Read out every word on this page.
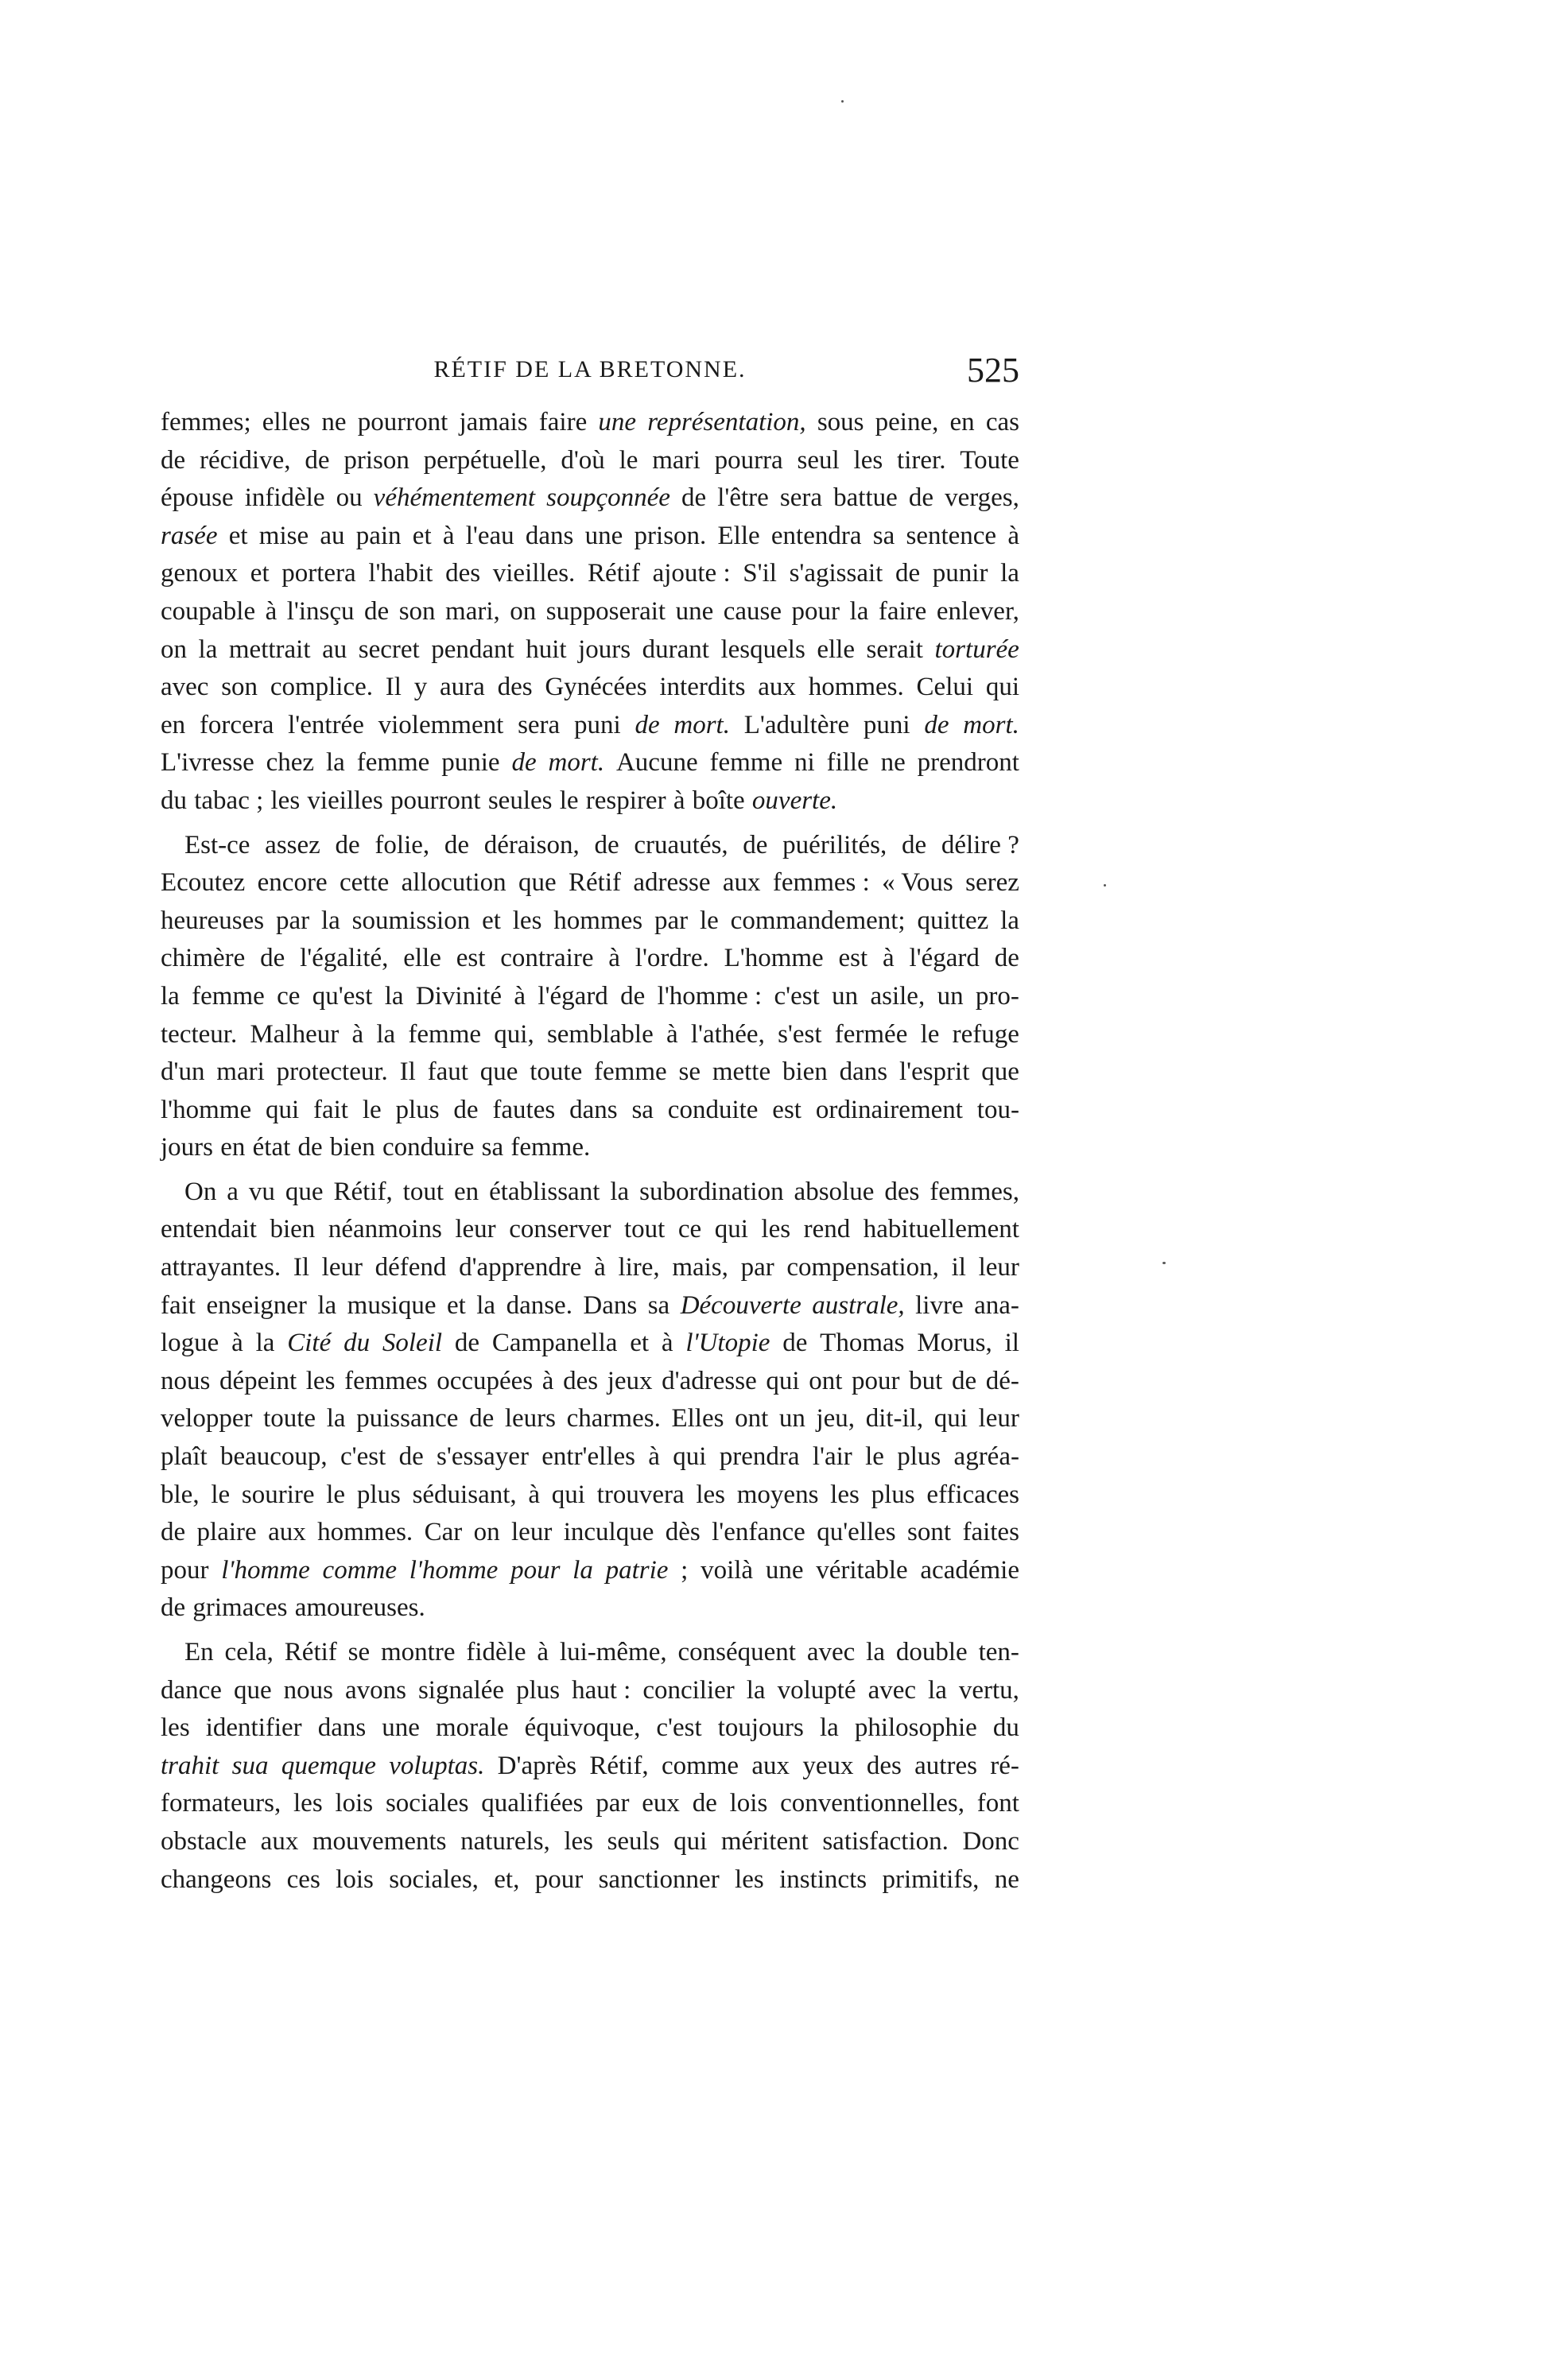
RÉTIF DE LA BRETONNE.	525
femmes; elles ne pourront jamais faire une représentation, sous peine, en cas
de récidive, de prison perpétuelle, d'où le mari pourra seul les tirer. Toute
épouse infidèle ou véhémentement soupçonnée de l'être sera battue de verges,
rasée et mise au pain et à l'eau dans une prison. Elle entendra sa sentence à
genoux et portera l'habit des vieilles. Rétif ajoute : S'il s'agissait de punir la
coupable à l'insçu de son mari, on supposerait une cause pour la faire enlever,
on la mettrait au secret pendant huit jours durant lesquels elle serait torturée
avec son complice. Il y aura des Gynécées interdits aux hommes. Celui qui
en forcera l'entrée violemment sera puni de mort. L'adultère puni de mort.
L'ivresse chez la femme punie de mort. Aucune femme ni fille ne prendront
du tabac ; les vieilles pourront seules le respirer à boîte ouverte.
Est-ce assez de folie, de déraison, de cruautés, de puérilités, de délire ?
Ecoutez encore cette allocution que Rétif adresse aux femmes : « Vous serez
heureuses par la soumission et les hommes par le commandement; quittez la
chimère de l'égalité, elle est contraire à l'ordre. L'homme est à l'égard de
la femme ce qu'est la Divinité à l'égard de l'homme : c'est un asile, un pro-
tecteur. Malheur à la femme qui, semblable à l'athée, s'est fermée le refuge
d'un mari protecteur. Il faut que toute femme se mette bien dans l'esprit que
l'homme qui fait le plus de fautes dans sa conduite est ordinairement tou-
jours en état de bien conduire sa femme.
On a vu que Rétif, tout en établissant la subordination absolue des femmes,
entendait bien néanmoins leur conserver tout ce qui les rend habituellement
attrayantes. Il leur défend d'apprendre à lire, mais, par compensation, il leur
fait enseigner la musique et la danse. Dans sa Découverte australe, livre ana-
logue à la Cité du Soleil de Campanella et à l'Utopie de Thomas Morus, il
nous dépeint les femmes occupées à des jeux d'adresse qui ont pour but de dé-
velopper toute la puissance de leurs charmes. Elles ont un jeu, dit-il, qui leur
plaît beaucoup, c'est de s'essayer entr'elles à qui prendra l'air le plus agréa-
ble, le sourire le plus séduisant, à qui trouvera les moyens les plus efficaces
de plaire aux hommes. Car on leur inculque dès l'enfance qu'elles sont faites
pour l'homme comme l'homme pour la patrie ; voilà une véritable académie
de grimaces amoureuses.
En cela, Rétif se montre fidèle à lui-même, conséquent avec la double ten-
dance que nous avons signalée plus haut : concilier la volupté avec la vertu,
les identifier dans une morale équivoque, c'est toujours la philosophie du
trahit sua quemque voluptas. D'après Rétif, comme aux yeux des autres ré-
formateurs, les lois sociales qualifiées par eux de lois conventionnelles, font
obstacle aux mouvements naturels, les seuls qui méritent satisfaction. Donc
changeons ces lois sociales, et, pour sanctionner les instincts primitifs, ne
